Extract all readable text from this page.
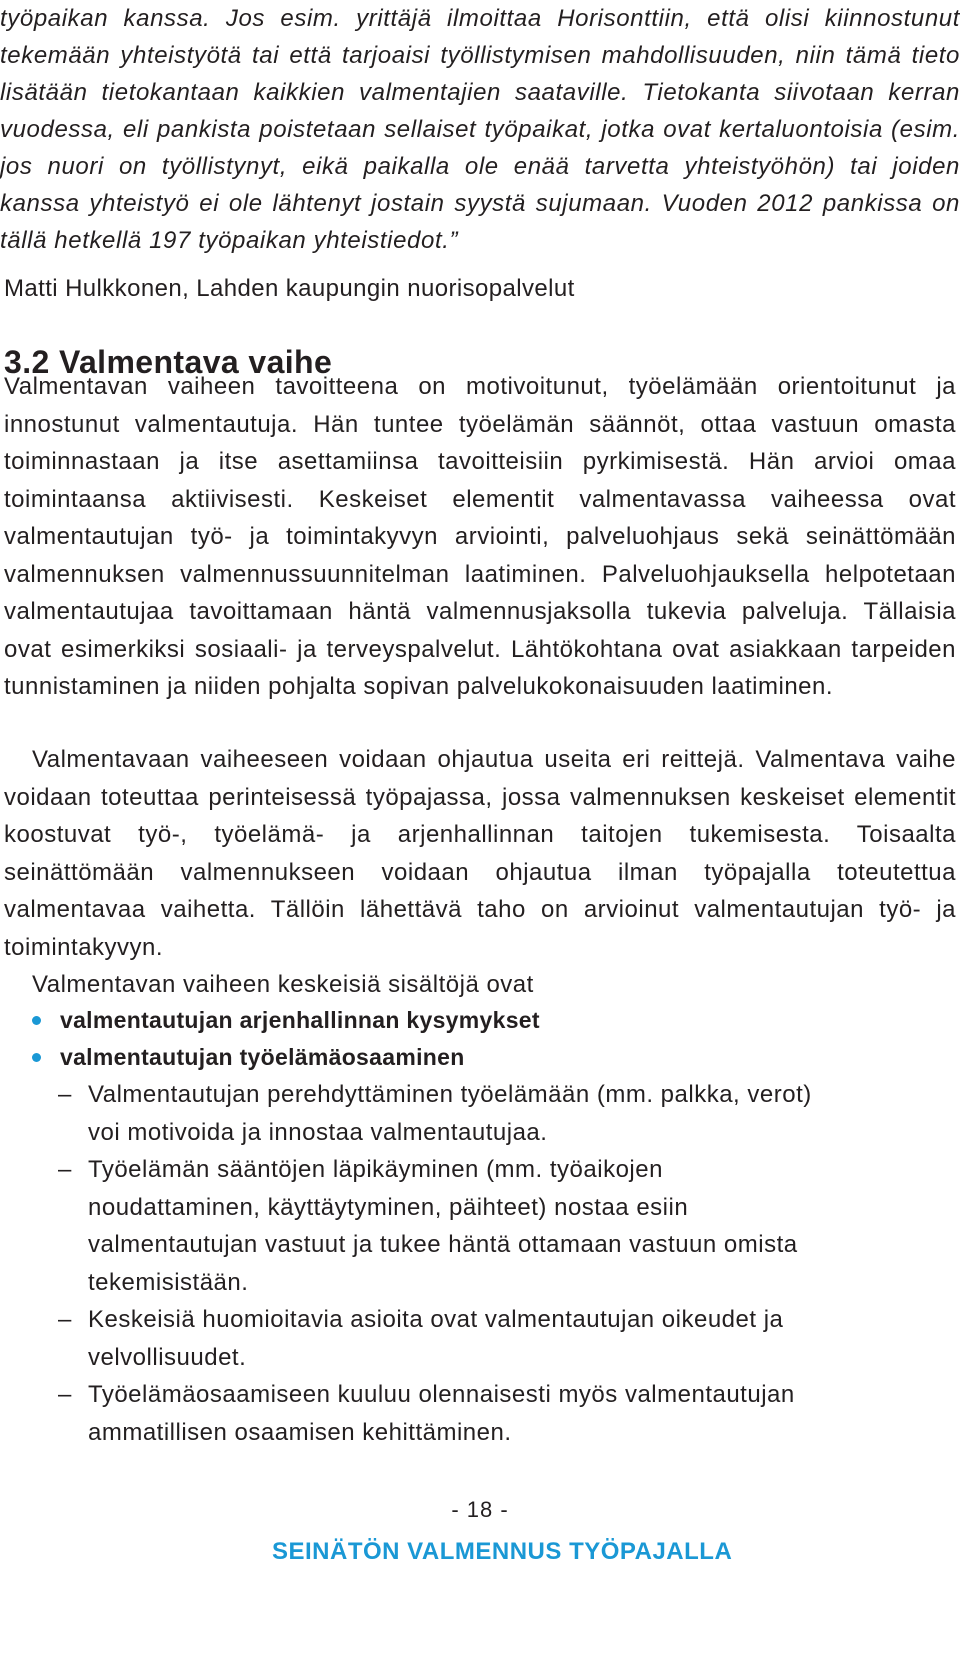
työpaikan kanssa. Jos esim. yrittäjä ilmoittaa Horisonttiin, että olisi kiinnostunut tekemään yhteistyötä tai että tarjoaisi työllistymisen mahdollisuuden, niin tämä tieto lisätään tietokantaan kaikkien valmentajien saataville. Tietokanta siivotaan kerran vuodessa, eli pankista poistetaan sellaiset työpaikat, jotka ovat kertaluontoisia (esim. jos nuori on työllistynyt, eikä paikalla ole enää tarvetta yhteistyöhön) tai joiden kanssa yhteistyö ei ole lähtenyt jostain syystä sujumaan. Vuoden 2012 pankissa on tällä hetkellä 197 työpaikan yhteistiedot.”

Matti Hulkkonen, Lahden kaupungin nuorisopalvelut
3.2 Valmentava vaihe

Valmentavan vaiheen tavoitteena on motivoitunut, työelämään orientoitunut ja innostunut valmentautuja. Hän tuntee työelämän säännöt, ottaa vastuun omasta toiminnastaan ja itse asettamiinsa tavoitteisiin pyrkimisestä. Hän arvioi omaa toimintaansa aktiivisesti. Keskeiset elementit valmentavassa vaiheessa ovat valmentautujan työ- ja toimintakyvyn arviointi, palveluohjaus sekä seinättömään valmennuksen valmennussuunnitelman laatiminen. Palveluohjauksella helpotetaan valmentautujaa tavoittamaan häntä valmennusjaksolla tukevia palveluja. Tällaisia ovat esimerkiksi sosiaali- ja terveyspalvelut. Lähtökohtana ovat asiakkaan tarpeiden tunnistaminen ja niiden pohjalta sopivan palvelukokonaisuuden laatiminen.

Valmentavaan vaiheeseen voidaan ohjautua useita eri reittejä. Valmentava vaihe voidaan toteuttaa perinteisessä työpajassa, jossa valmennuksen keskeiset elementit koostuvat työ-, työelämä- ja arjenhallinnan taitojen tukemisesta. Toisaalta seinättömään valmennukseen voidaan ohjautua ilman työpajalla toteutettua valmentavaa vaihetta. Tällöin lähettävä taho on arvioinut valmentautujan työ- ja toimintakyvyn.

Valmentavan vaiheen keskeisiä sisältöjä ovat
valmentautujan arjenhallinnan kysymykset
valmentautujan työelämäosaaminen
– Valmentautujan perehdyttäminen työelämään (mm. palkka, verot) voi motivoida ja innostaa valmentautujaa.
– Työelämän sääntöjen läpikäyminen (mm. työaikojen noudattaminen, käyttäytyminen, päihteet) nostaa esiin valmentautujan vastuut ja tukee häntä ottamaan vastuun omista tekemisistään.
– Keskeisiä huomioitavia asioita ovat valmentautujan oikeudet ja velvollisuudet.
– Työelämäosaamiseen kuuluu olennaisesti myös valmentautujan ammatillisen osaamisen kehittäminen.
- 18 -
SEINÄTÖN VALMENNUS TYÖPAJALLA
